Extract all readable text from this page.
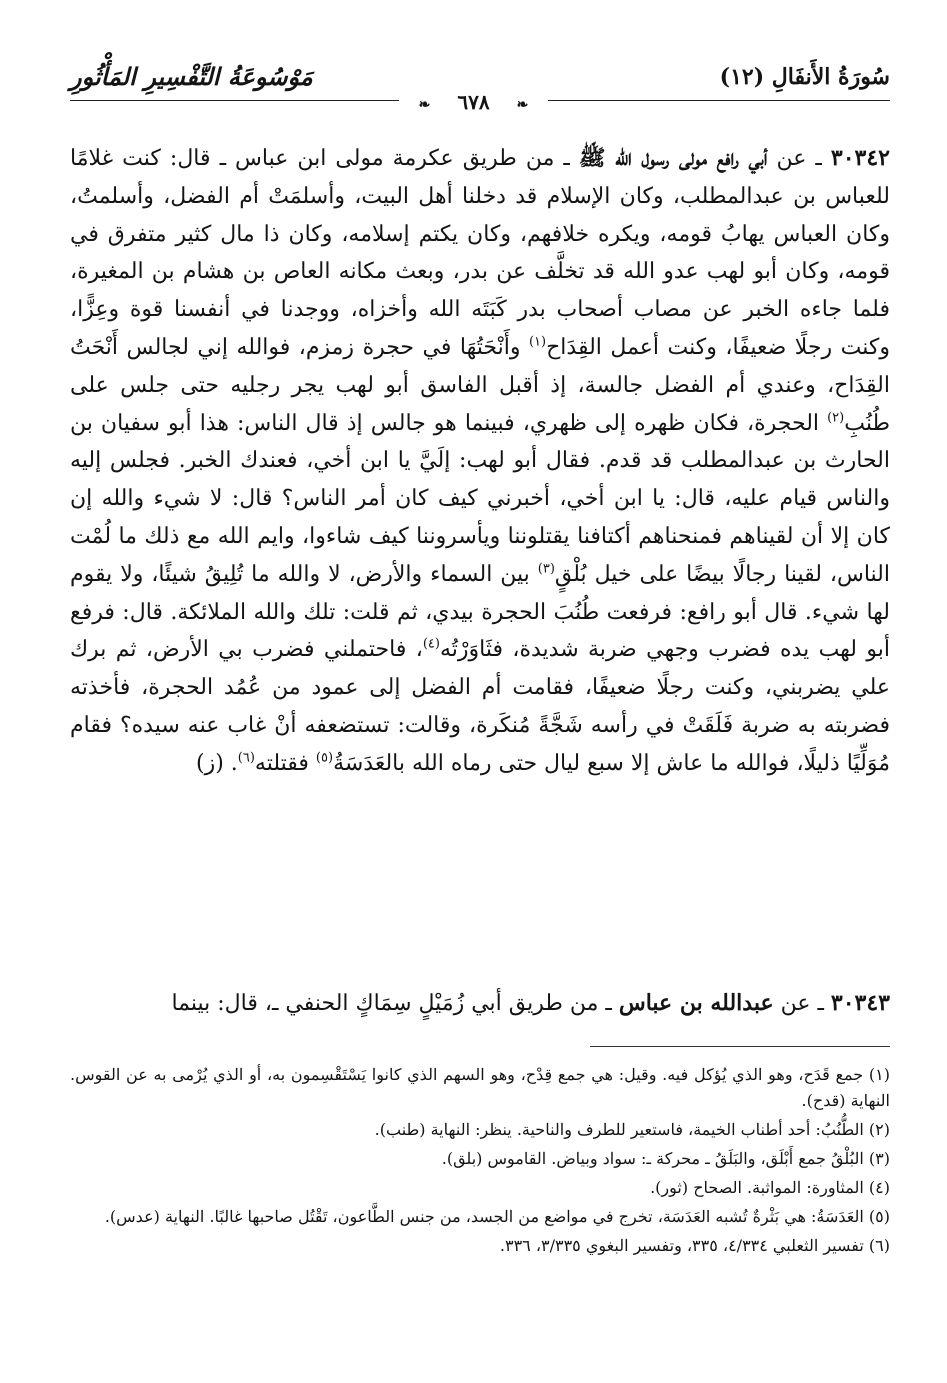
سُورَةُ الأَنفَالِ (١٢)
مَوْسُوعَةُ التَّفْسِيرِ المَأْثُورِ
❧ ٦٧٨ ❧

٣٠٣٤٢ ـ عن أبي رافع مولى رسول الله ﷺ ـ من طريق عكرمة مولى ابن عباس ـ قال: كنت غلامًا للعباس بن عبدالمطلب، وكان الإسلام قد دخلنا أهل البيت، وأسلمَتْ أم الفضل، وأسلمتُ، وكان العباس يهابُ قومه، ويكره خلافهم، وكان يكتم إسلامه، وكان ذا مال كثير متفرق في قومه، وكان أبو لهب عدو الله قد تخلَّف عن بدر، وبعث مكانه العاص بن هشام بن المغيرة، فلما جاءه الخبر عن مصاب أصحاب بدر كَبَتَه الله وأخزاه، ووجدنا في أنفسنا قوة وعِزًّا، وكنت رجلًا ضعيفًا، وكنت أعمل القِدَاح$^{(١)}$ وأَنْحَتُهَا في حجرة زمزم، فوالله إني لجالس أَنْحَتُ القِدَاح، وعندي أم الفضل جالسة، إذ أقبل الفاسق أبو لهب يجر رجليه حتى جلس على طُنُبِ$^{(٢)}$ الحجرة، فكان ظهره إلى ظهري، فبينما هو جالس إذ قال الناس: هذا أبو سفيان بن الحارث بن عبدالمطلب قد قدم. فقال أبو لهب: إلَيَّ يا ابن أخي، فعندك الخبر. فجلس إليه والناس قيام عليه، قال: يا ابن أخي، أخبرني كيف كان أمر الناس؟ قال: لا شيء والله إن كان إلا أن لقيناهم فمنحناهم أكتافنا يقتلوننا ويأسروننا كيف شاءوا، وايم الله مع ذلك ما لُمْت الناس، لقينا رجالًا بيضًا على خيل بُلْقٍ$^{(٣)}$ بين السماء والأرض، لا والله ما تُلِيقُ شيئًا، ولا يقوم لها شيء. قال أبو رافع: فرفعت طُنُبَ الحجرة بيدي، ثم قلت: تلك والله الملائكة. قال: فرفع أبو لهب يده فضرب وجهي ضربة شديدة، فثَاوَرْتُه$^{(٤)}$، فاحتملني فضرب بي الأرض، ثم برك علي يضربني، وكنت رجلًا ضعيفًا، فقامت أم الفضل إلى عمود من عُمُد الحجرة، فأخذته فضربته به ضربة فَلَقَتْ في رأسه شَجَّةً مُنكَرة، وقالت: تستضعفه أنْ غاب عنه سيده؟ فقام مُوَلِّيًا ذليلًا، فوالله ما عاش إلا سبع ليال حتى رماه الله بالعَدَسَةُ$^{(٥)}$ فقتلته$^{(٦)}$. (ز)

٣٠٣٤٣ ـ عن عبدالله بن عباس ـ من طريق أبي زُمَيْلٍ سِمَاكٍ الحنفي ـ، قال: بينما

(١) جمع قَدَح، وهو الذي يُؤكل فيه. وقيل: هي جمع قِدْح، وهو السهم الذي كانوا يَسْتَقْسِمون به، أو الذي يُرْمى به عن القوس. النهاية (قدح).

(٢) الطُّنُبُ: أحد أطناب الخيمة، فاستعير للطرف والناحية. ينظر: النهاية (طنب).

(٣) البُلْقُ جمع أَبْلَق، والبَلَقُ ـ محركة ـ: سواد وبياض. القاموس (بلق).

(٤) المثاورة: المواثبة. الصحاح (ثور).

(٥) العَدَسَةُ: هي بَثْرةٌ تُشبه العَدَسَة، تخرج في مواضع من الجسد، من جنس الطَّاعون، تَقْتُل صاحبها غالبًا. النهاية (عدس).

(٦) تفسير الثعلبي ٤/٣٣٤، ٣٣٥، وتفسير البغوي ٣/٣٣٥، ٣٣٦.
